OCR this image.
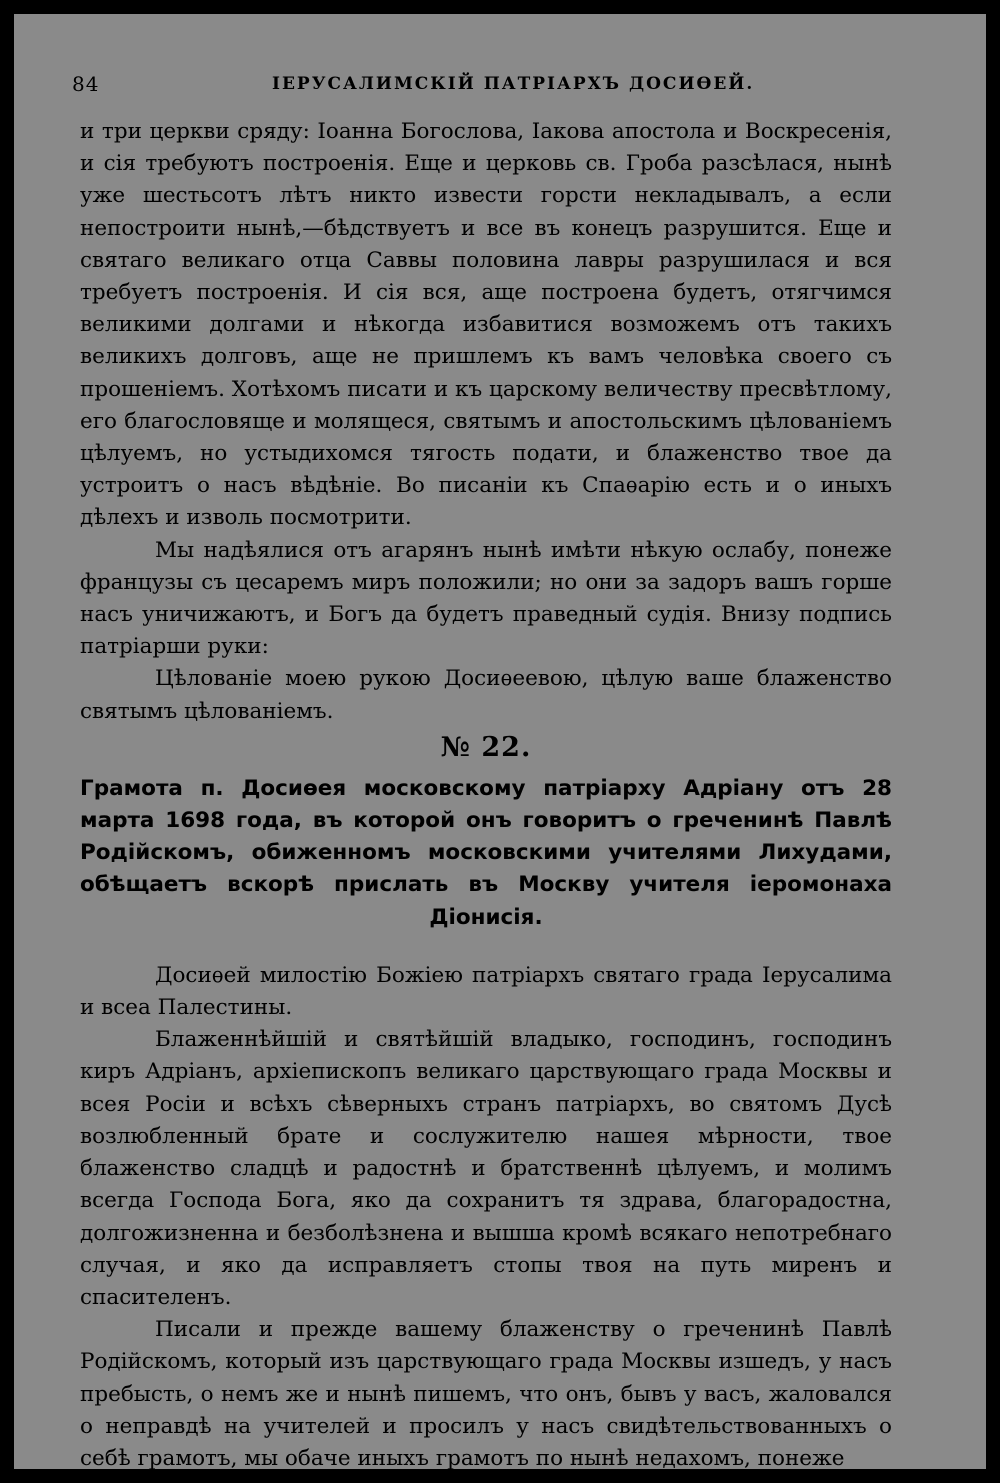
84	ІЕРУСАЛИМСКІЙ ПАТРІАРХЪ ДОСИѲЕЙ.

и три церкви сряду: Іоанна Богослова, Іакова апостола и Воскресенія, и сія требуютъ построенія. Еще и церковь св. Гроба разсѣлася, нынѣ уже шестьсотъ лѣтъ никто извести горсти некладывалъ, а если непостроити нынѣ,—бѣдствуетъ и все въ конецъ разрушится. Еще и святаго великаго отца Саввы половина лавры разрушилася и вся требуетъ построенія. И сія вся, аще построена будетъ, отягчимся великими долгами и нѣкогда избавитися возможемъ отъ такихъ великихъ долговъ, аще не пришлемъ къ вамъ человѣка своего съ прошеніемъ. Хотѣхомъ писати и къ царскому величеству пресвѣтлому, его благословяще и молящеся, святымъ и апостольскимъ цѣлованіемъ цѣлуемъ, но устыдихомся тягость подати, и блаженство твое да устроитъ о насъ вѣдѣніе. Во писаніи къ Спаѳарію есть и о иныхъ дѣлехъ и изволь посмотрити.

Мы надѣялися отъ агарянъ нынѣ имѣти нѣкую ослабу, понеже французы съ цесаремъ миръ положили; но они за задоръ вашъ горше насъ уничижаютъ, и Богъ да будетъ праведный судія. Внизу подпись патріарши руки:

Цѣлованіе моею рукою Досиѳеевою, цѣлую ваше блаженство святымъ цѣлованіемъ.

№ 22.

Грамота п. Досиѳея московскому патріарху Адріану отъ 28 марта 1698 года, въ которой онъ говоритъ о греченинѣ Павлѣ Родійскомъ, обиженномъ московскими учителями Лихудами, обѣщаетъ вскорѣ прислать въ Москву учителя іеромонаха Діонисія.

Досиѳей милостію Божіею патріархъ святаго града Іерусалима и всеа Палестины.

Блаженнѣйшій и святѣйшій владыко, господинъ, господинъ киръ Адріанъ, архіепископъ великаго царствующаго града Москвы и всея Росіи и всѣхъ сѣверныхъ странъ патріархъ, во святомъ Дусѣ возлюбленный брате и сослужителю нашея мѣрности, твое блаженство сладцѣ и радостнѣ и братственнѣ цѣлуемъ, и молимъ всегда Господа Бога, яко да сохранитъ тя здрава, благорадостна, долгожизненна и безболѣзнена и вышша кромѣ всякаго непотребнаго случая, и яко да исправляетъ стопы твоя на путь миренъ и спасителенъ.

Писали и прежде вашему блаженству о греченинѣ Павлѣ Родійскомъ, который изъ царствующаго града Москвы изшедъ, у насъ пребысть, о немъ же и нынѣ пишемъ, что онъ, бывъ у васъ, жаловался о неправдѣ на учителей и просилъ у насъ свидѣтельствованныхъ о себѣ грамотъ, мы обаче иныхъ грамотъ по нынѣ недахомъ, понеже
